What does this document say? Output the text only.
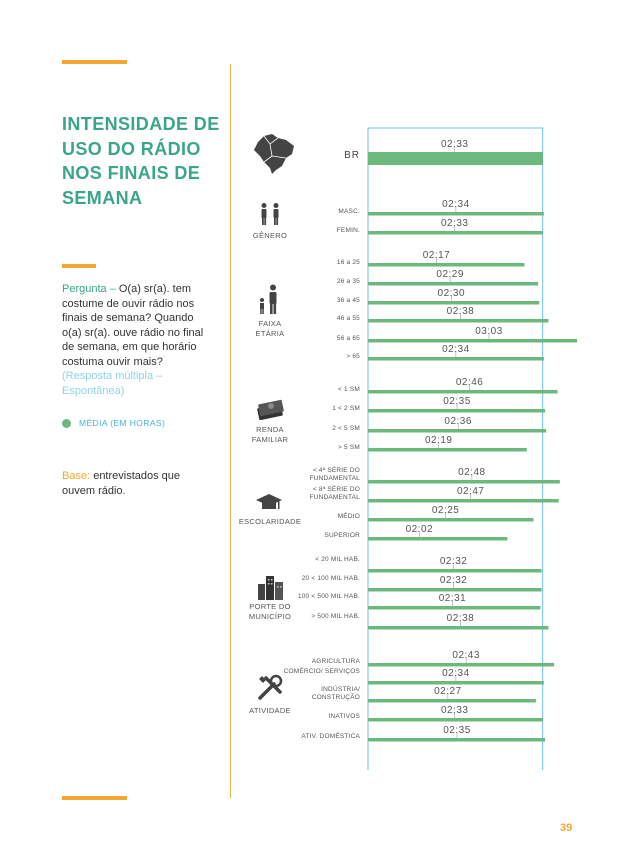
INTENSIDADE DE USO DO RÁDIO NOS FINAIS DE SEMANA
Pergunta – O(a) sr(a). tem costume de ouvir rádio nos finais de semana? Quando o(a) sr(a). ouve rádio no final de semana, em que horário costuma ouvir mais? (Resposta múltipla – Espontânea)
MÉDIA (EM HORAS)
Base: entrevistados que ouvem rádio.
39
GÊNERO
FAIXA ETÁRIA
RENDA FAMILIAR
ESCOLARIDADE
PORTE DO MUNICÍPIO
ATIVIDADE
BR
MASC.
FEMIN.
16 a 25
26 a 35
36 a 45
46 a 55
56 a 65
> 65
< 1 SM
1 < 2 SM
2 < 5 SM
> 5 SM
< 4ª SÉRIE DO FUNDAMENTAL
< 8ª SÉRIE DO FUNDAMENTAL
MÉDIO
SUPERIOR
< 20 MIL HAB.
20 < 100 MIL HAB.
100 < 500 MIL HAB.
> 500 MIL HAB.
AGRICULTURA
COMÉRCIO/ SERVIÇOS
INDÚSTRIA/ CONSTRUÇÃO
INATIVOS
ATIV. DOMÉSTICA
02:33
02:34
02:33
02:17
02:29
02:30
02:38
03:03
02:34
02:46
02:35
02:36
02:19
02:48
02:47
02:25
02:02
02:32
02:32
02:31
02:38
02:43
02:34
02:27
02:33
02:35
